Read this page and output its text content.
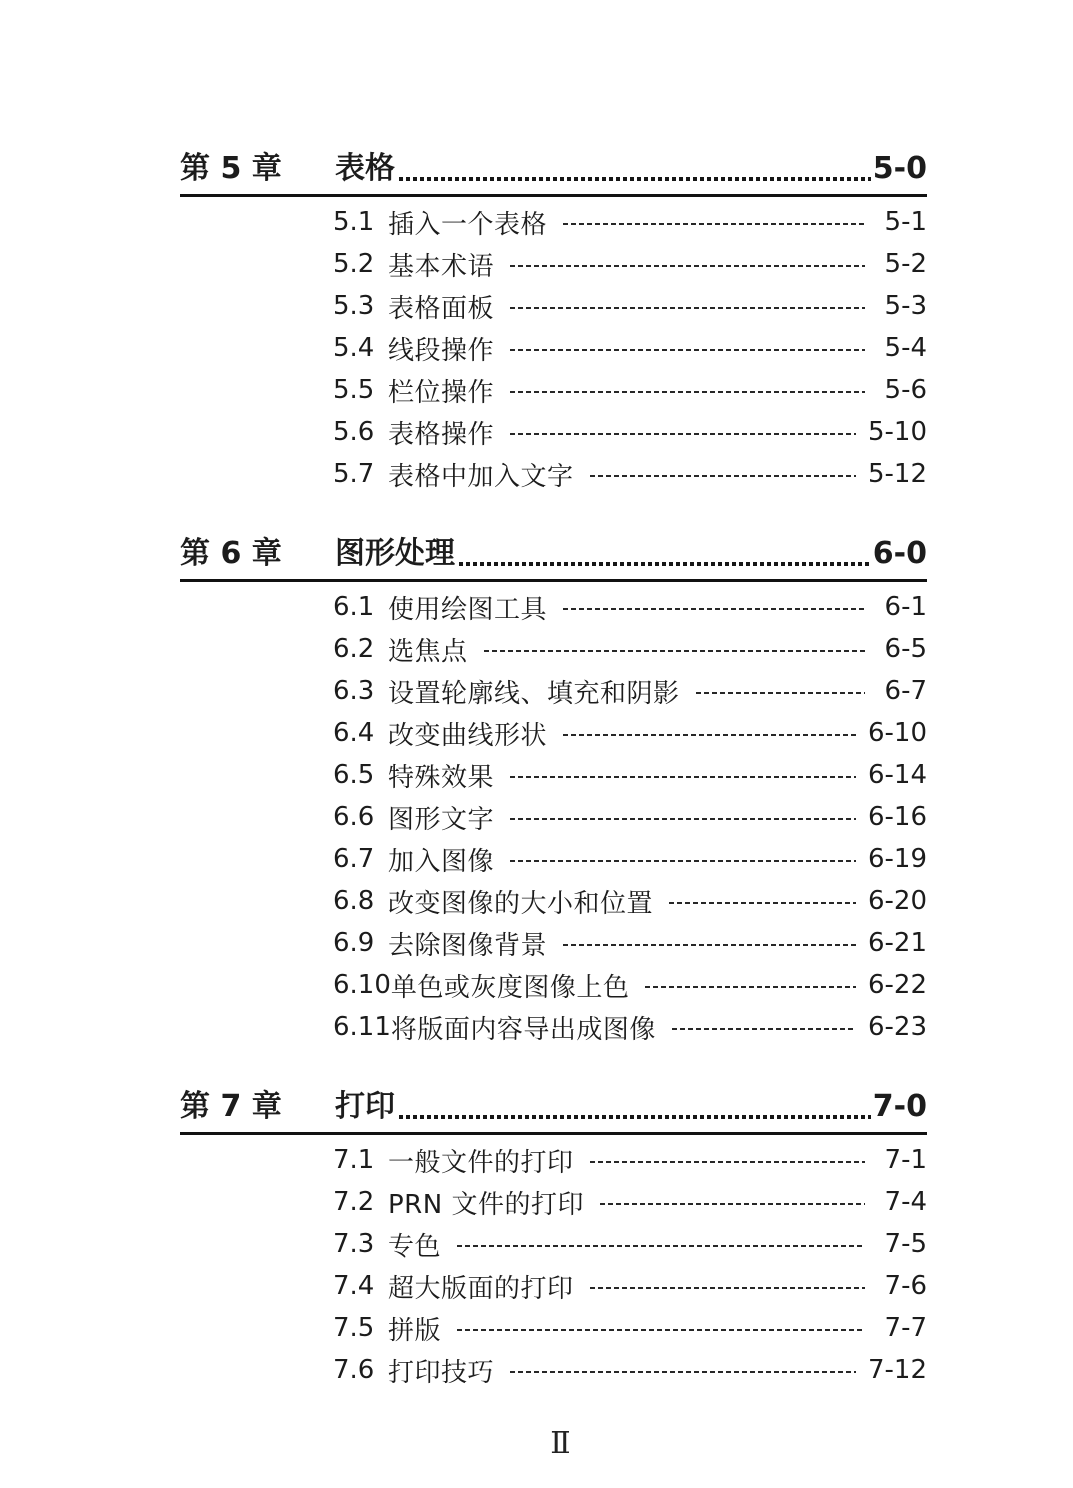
第 5 章	表格	5-0
5.1 插入一个表格	5-1
5.2 基本术语	5-2
5.3 表格面板	5-3
5.4 线段操作	5-4
5.5 栏位操作	5-6
5.6 表格操作	5-10
5.7 表格中加入文字	5-12
第 6 章	图形处理	6-0
6.1 使用绘图工具	6-1
6.2 选焦点	6-5
6.3 设置轮廓线、填充和阴影	6-7
6.4 改变曲线形状	6-10
6.5 特殊效果	6-14
6.6 图形文字	6-16
6.7 加入图像	6-19
6.8 改变图像的大小和位置	6-20
6.9 去除图像背景	6-21
6.10 单色或灰度图像上色	6-22
6.11 将版面内容导出成图像	6-23
第 7 章	打印	7-0
7.1 一般文件的打印	7-1
7.2 PRN 文件的打印	7-4
7.3 专色	7-5
7.4 超大版面的打印	7-6
7.5 拼版	7-7
7.6 打印技巧	7-12
Ⅱ
